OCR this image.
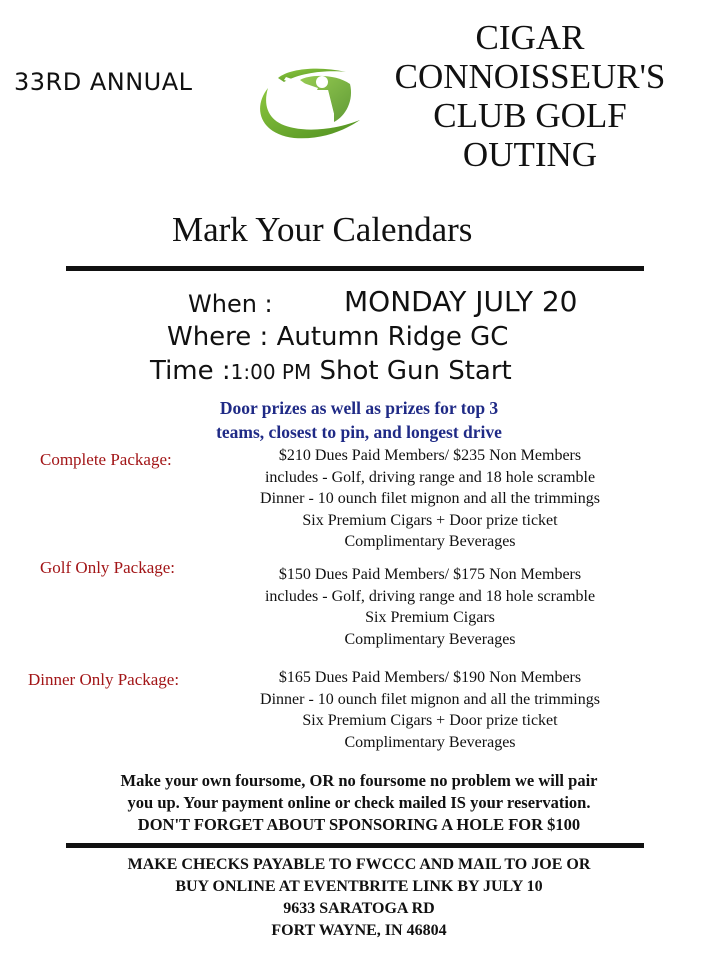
33RD ANNUAL
CIGAR
CONNOISSEUR'S
CLUB GOLF
OUTING
Mark Your Calendars
When :	MONDAY JULY 20
Where : Autumn Ridge GC
Time :1:00 PM Shot Gun Start
Door prizes as well as prizes for top 3
teams, closest to pin, and longest drive
Complete Package:	$210 Dues Paid Members/ $235 Non Members
includes - Golf, driving range and 18 hole scramble
Dinner - 10 ounch filet mignon and all the trimmings
Six Premium Cigars + Door prize ticket
Complimentary Beverages
Golf Only Package:	$150 Dues Paid Members/ $175 Non Members
includes - Golf, driving range and 18 hole scramble
Six Premium Cigars
Complimentary Beverages
Dinner Only Package:	$165 Dues Paid Members/ $190 Non Members
Dinner - 10 ounch filet mignon and all the trimmings
Six Premium Cigars + Door prize ticket
Complimentary Beverages
Make your own foursome, OR no foursome no problem we will pair
you up. Your payment online or check mailed IS your reservation.
DON'T FORGET ABOUT SPONSORING A HOLE FOR $100
MAKE CHECKS PAYABLE TO FWCCC AND MAIL TO JOE OR
BUY ONLINE AT EVENTBRITE LINK BY JULY 10
9633 SARATOGA RD
FORT WAYNE, IN 46804
